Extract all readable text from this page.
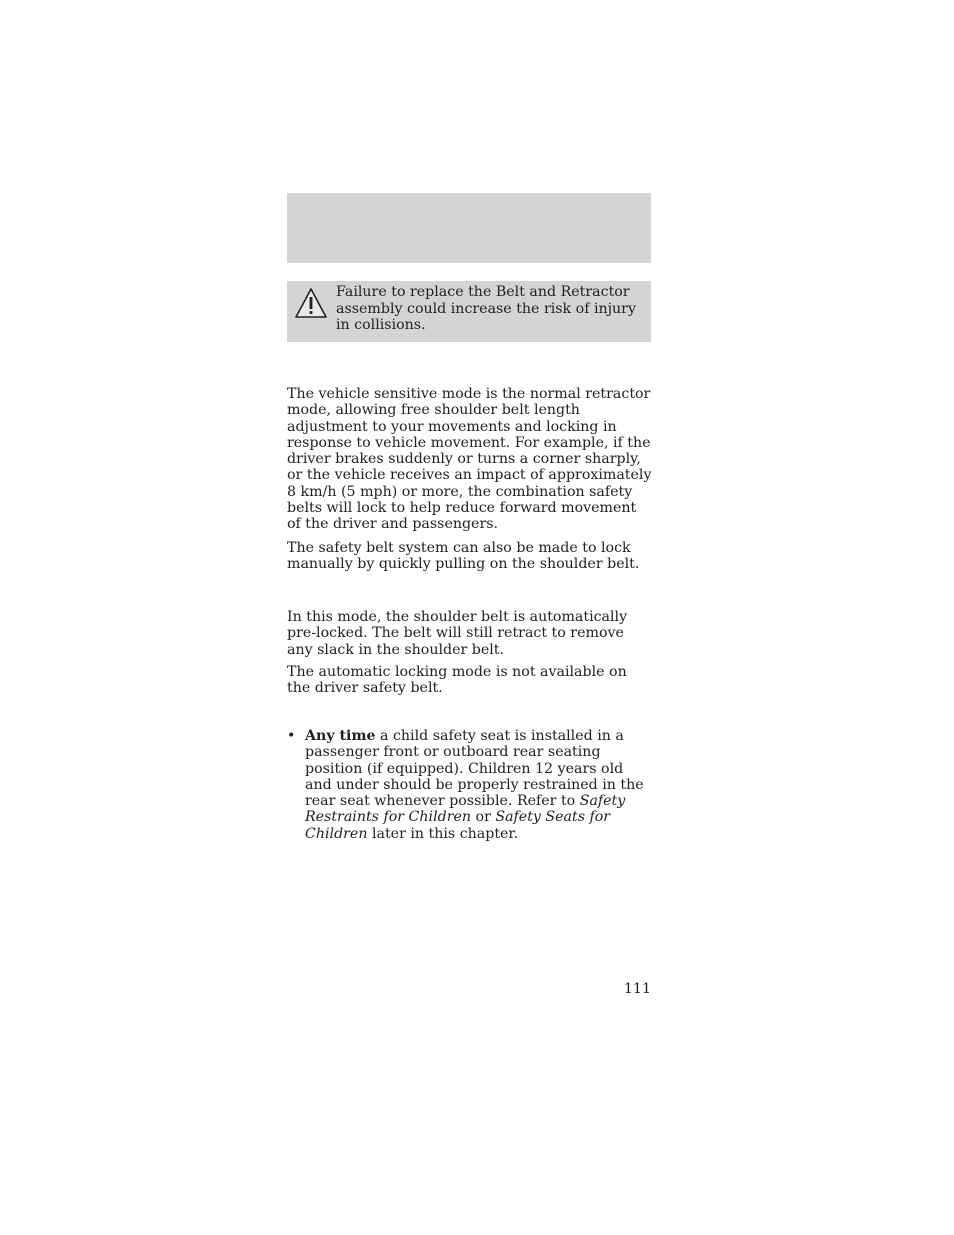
Failure to replace the Belt and Retractor assembly could increase the risk of injury in collisions.

The vehicle sensitive mode is the normal retractor mode, allowing free shoulder belt length adjustment to your movements and locking in response to vehicle movement. For example, if the driver brakes suddenly or turns a corner sharply, or the vehicle receives an impact of approximately 8 km/h (5 mph) or more, the combination safety belts will lock to help reduce forward movement of the driver and passengers.

The safety belt system can also be made to lock manually by quickly pulling on the shoulder belt.

In this mode, the shoulder belt is automatically pre-locked. The belt will still retract to remove any slack in the shoulder belt.

The automatic locking mode is not available on the driver safety belt.

• Any time a child safety seat is installed in a passenger front or outboard rear seating position (if equipped). Children 12 years old and under should be properly restrained in the rear seat whenever possible. Refer to Safety Restraints for Children or Safety Seats for Children later in this chapter.
111
